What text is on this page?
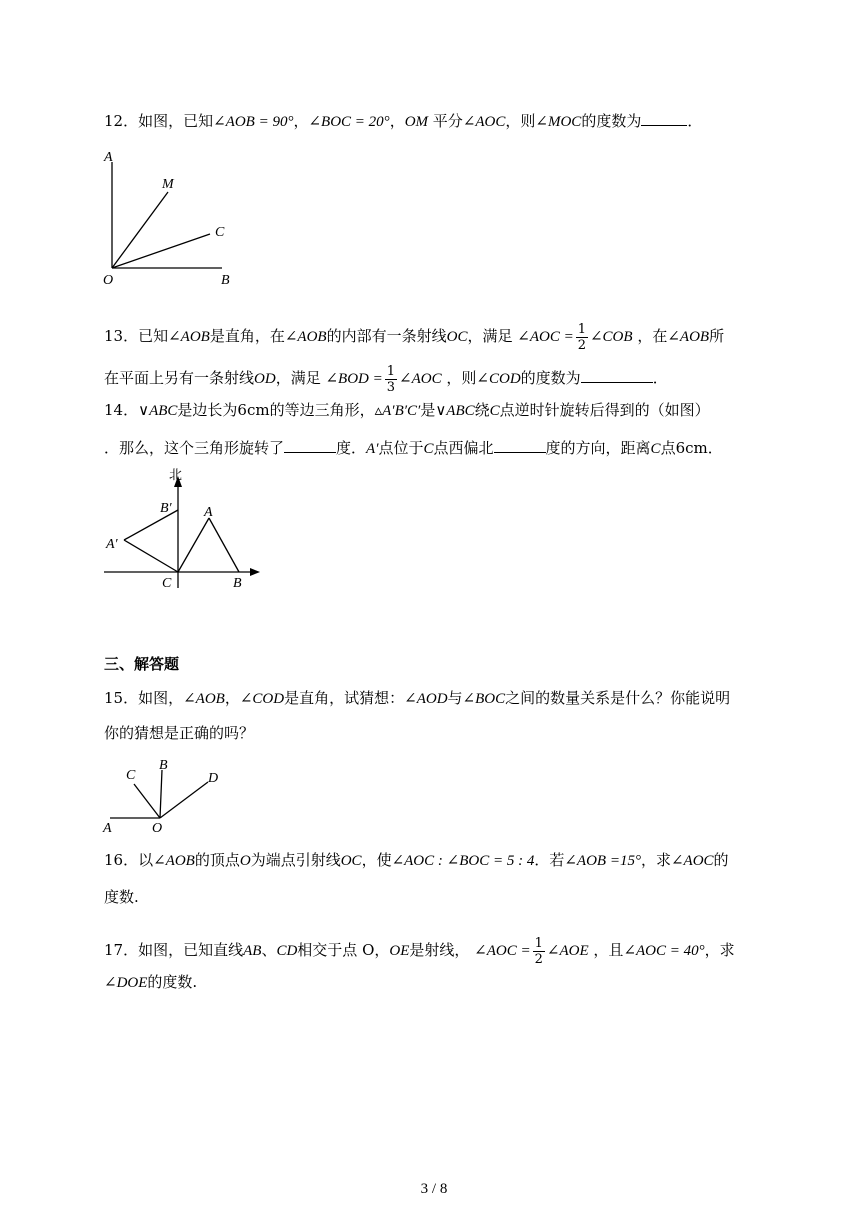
12．如图，已知∠AOB = 90°，∠BOC = 20°，OM 平分∠AOC，则∠MOC的度数为	．
A
M
C
O	B
13．已知∠AOB是直角，在∠AOB的内部有一条射线OC，满足 ∠AOC = $\frac{1}{2}$ ∠COB ，在∠AOB所
在平面上另有一条射线OD，满足 ∠BOD = $\frac{1}{3}$ ∠AOC ，则∠COD的度数为	．
14．∨ABC是边长为6cm的等边三角形，▵A′B′C′是∨ABC绕C点逆时针旋转后得到的（如图）
．那么，这个三角形旋转了	度．A′点位于C点西偏北	度的方向，距离C点6cm．
北
B′ A
A′
C	B
三、解答题
15．如图，∠AOB，∠COD是直角，试猜想：∠AOD与∠BOC之间的数量关系是什么？你能说明
你的猜想是正确的吗？
C
B
D
A	O
16．以∠AOB的顶点O为端点引射线OC，使∠AOC : ∠BOC = 5 : 4．若∠AOB =15°，求∠AOC的
度数.
17．如图，已知直线AB、CD相交于点 O，OE是射线， ∠AOC = $\frac{1}{2}$ ∠AOE ，且∠AOC = 40°，求
∠DOE的度数.
3 / 8
